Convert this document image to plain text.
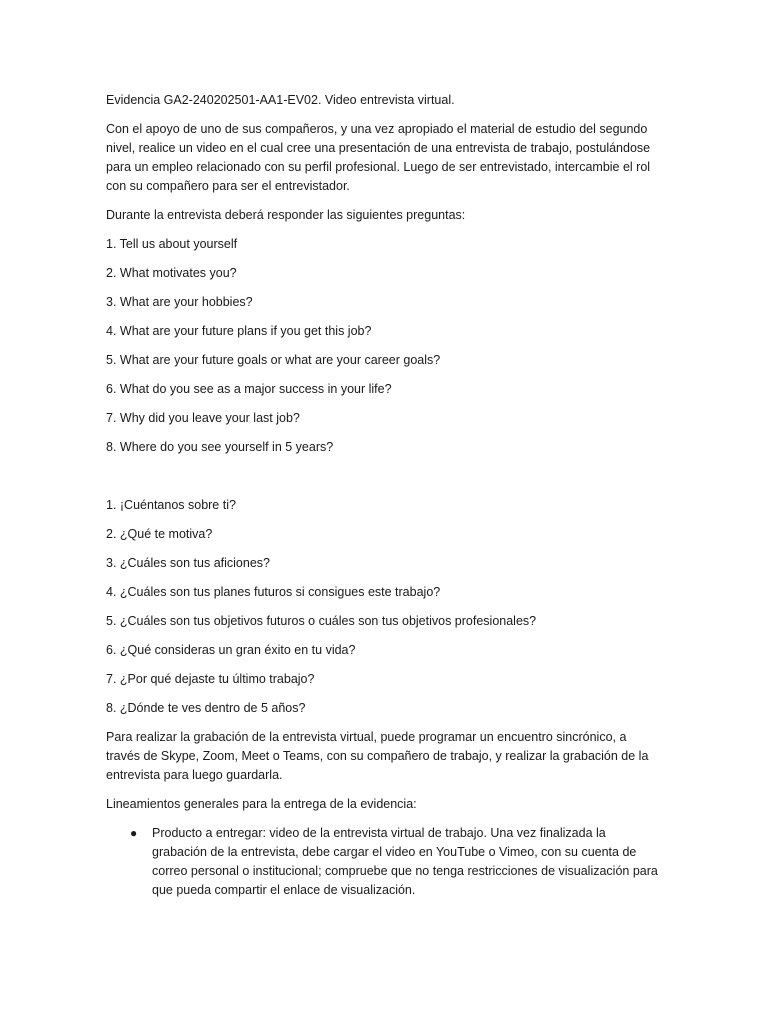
Evidencia GA2-240202501-AA1-EV02. Video entrevista virtual.

Con el apoyo de uno de sus compañeros, y una vez apropiado el material de estudio del segundo nivel, realice un video en el cual cree una presentación de una entrevista de trabajo, postulándose para un empleo relacionado con su perfil profesional. Luego de ser entrevistado, intercambie el rol con su compañero para ser el entrevistador.

Durante la entrevista deberá responder las siguientes preguntas:

1. Tell us about yourself

2. What motivates you?

3. What are your hobbies?

4. What are your future plans if you get this job?

5. What are your future goals or what are your career goals?

6. What do you see as a major success in your life?

7. Why did you leave your last job?

8. Where do you see yourself in 5 years?

1. ¡Cuéntanos sobre ti?

2. ¿Qué te motiva?

3. ¿Cuáles son tus aficiones?

4. ¿Cuáles son tus planes futuros si consigues este trabajo?

5. ¿Cuáles son tus objetivos futuros o cuáles son tus objetivos profesionales?

6. ¿Qué consideras un gran éxito en tu vida?

7. ¿Por qué dejaste tu último trabajo?

8. ¿Dónde te ves dentro de 5 años?

Para realizar la grabación de la entrevista virtual, puede programar un encuentro sincrónico, a través de Skype, Zoom, Meet o Teams, con su compañero de trabajo, y realizar la grabación de la entrevista para luego guardarla.

Lineamientos generales para la entrega de la evidencia:

● Producto a entregar: video de la entrevista virtual de trabajo. Una vez finalizada la grabación de la entrevista, debe cargar el video en YouTube o Vimeo, con su cuenta de correo personal o institucional; compruebe que no tenga restricciones de visualización para que pueda compartir el enlace de visualización.
